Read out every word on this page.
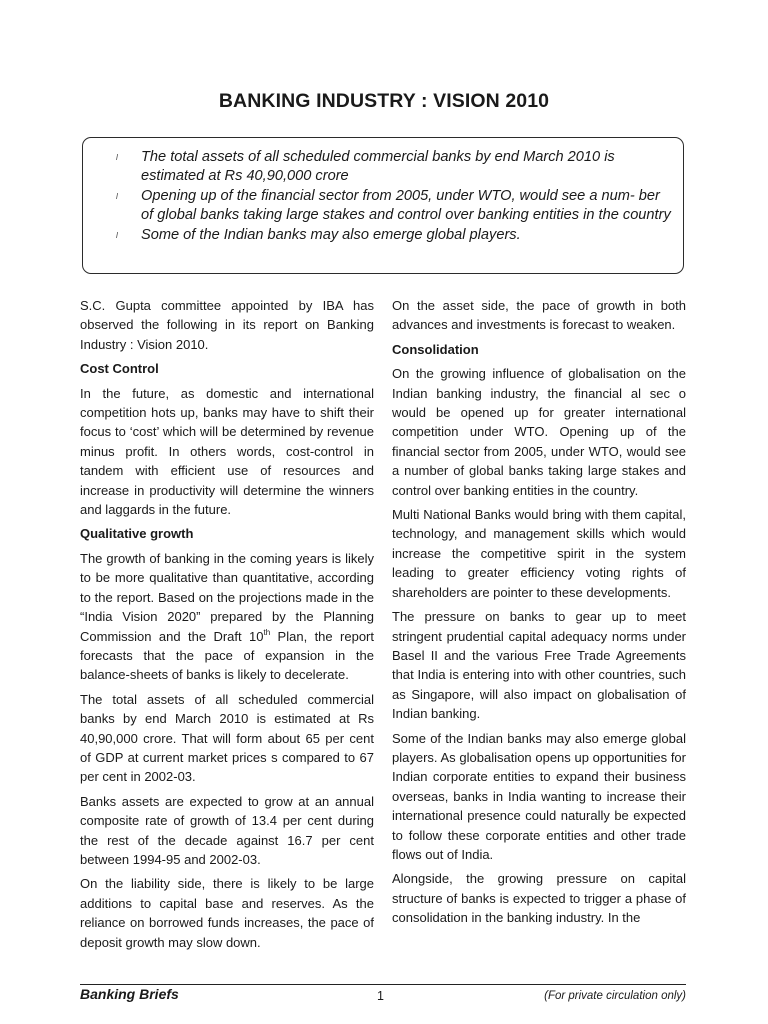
BANKING INDUSTRY : VISION 2010
l The total assets of all scheduled commercial banks by end March 2010 is estimated at Rs 40,90,000 crore
l Opening up of the financial sector from 2005, under WTO, would see a num- ber of global banks taking large stakes and control over banking entities in the country
l Some of the Indian banks may also emerge global players.

S.C. Gupta committee appointed by IBA has observed the following in its report on Banking Industry : Vision 2010.

Cost Control

In the future, as domestic and international competition hots up, banks may have to shift their focus to ‘cost’ which will be determined by revenue minus profit. In others words, cost-control in tandem with efficient use of resources and increase in productivity will determine the winners and laggards in the future.

Qualitative growth

The growth of banking in the coming years is likely to be more qualitative than quantitative, according to the report. Based on the projections made in the “India Vision 2020” prepared by the Planning Commission and the Draft 10th Plan, the report forecasts that the pace of expansion in the balance-sheets of banks is likely to decelerate.

The total assets of all scheduled commercial banks by end March 2010 is estimated at Rs 40,90,000 crore. That will form about 65 per cent of GDP at current market prices s compared to 67 per cent in 2002-03.

Banks assets are expected to grow at an annual composite rate of growth of 13.4 per cent during the rest of the decade against 16.7 per cent between 1994-95 and 2002-03.

On the liability side, there is likely to be large additions to capital base and reserves. As the reliance on borrowed funds increases, the pace of deposit growth may slow down.

On the asset side, the pace of growth in both advances and investments is forecast to weaken.

Consolidation

On the growing influence of globalisation on the Indian banking industry, the financial al sec o would be opened up for greater international competition under WTO. Opening up of the financial sector from 2005, under WTO, would see a number of global banks taking large stakes and control over banking entities in the country.

Multi National Banks would bring with them capital, technology, and management skills which would increase the competitive spirit in the system leading to greater efficiency voting rights of shareholders are pointer to these developments.

The pressure on banks to gear up to meet stringent prudential capital adequacy norms under Basel II and the various Free Trade Agreements that India is entering into with other countries, such as Singapore, will also impact on globalisation of Indian banking.

Some of the Indian banks may also emerge global players. As globalisation opens up opportunities for Indian corporate entities to expand their business overseas, banks in India wanting to increase their international presence could naturally be expected to follow these corporate entities and other trade flows out of India.

Alongside, the growing pressure on capital structure of banks is expected to trigger a phase of consolidation in the banking industry. In the

Banking Briefs	1	(For private circulation only)
